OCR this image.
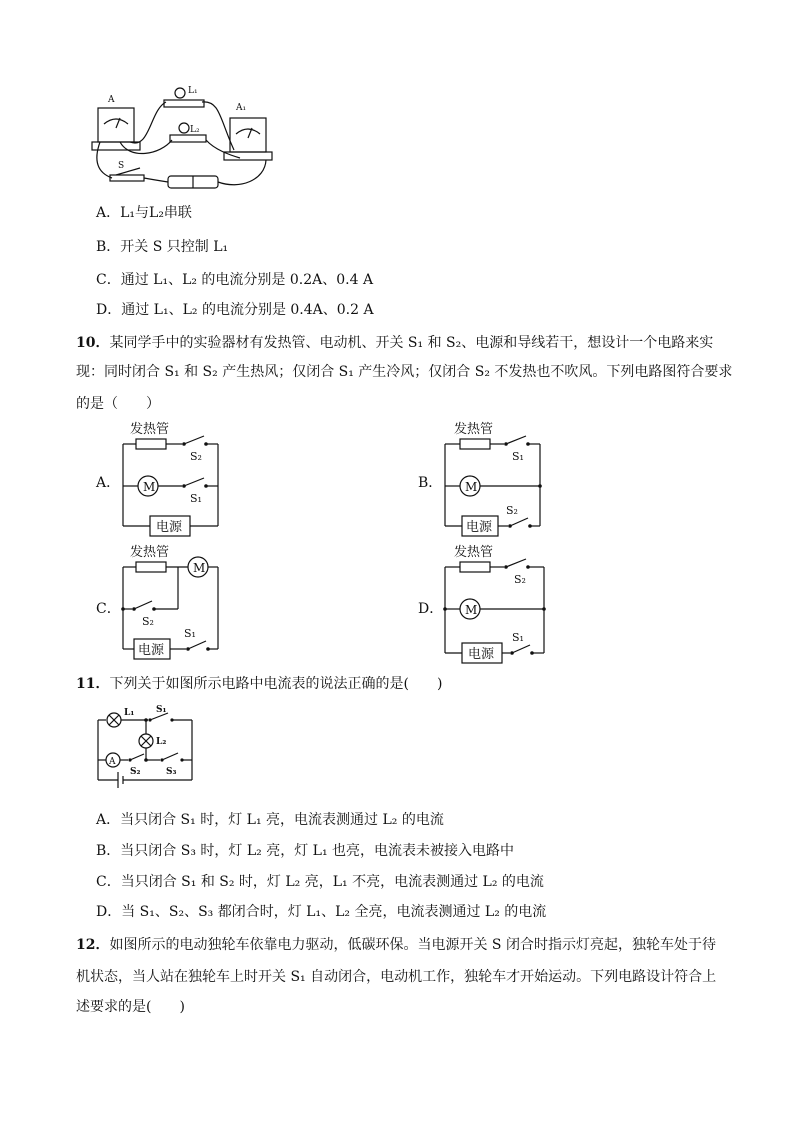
A
A₁
L₁
L₂
S
A．L₁与L₂串联
B．开关 S 只控制 L₁
C．通过 L₁、L₂ 的电流分别是 0.2A、0.4 A
D．通过 L₁、L₂ 的电流分别是 0.4A、0.2 A
10．某同学手中的实验器材有发热管、电动机、开关 S₁ 和 S₂、电源和导线若干，想设计一个电路来实
现：同时闭合 S₁ 和 S₂ 产生热风；仅闭合 S₁ 产生冷风；仅闭合 S₂ 不发热也不吹风。下列电路图符合要求
的是（　　）
A．
发热管
S₂
M
S₁
电源
B．
发热管
S₁
M
电源
S₂
C．
发热管
M
S₂
电源
S₁
D．
发热管
S₂
M
电源
S₁
11．下列关于如图所示电路中电流表的说法正确的是(　　)
L₁ S₁
L₂
A
S₂	S₃
A．当只闭合 S₁ 时，灯 L₁ 亮，电流表测通过 L₂ 的电流
B．当只闭合 S₃ 时，灯 L₂ 亮，灯 L₁ 也亮，电流表未被接入电路中
C．当只闭合 S₁ 和 S₂ 时，灯 L₂ 亮，L₁ 不亮，电流表测通过 L₂ 的电流
D．当 S₁、S₂、S₃ 都闭合时，灯 L₁、L₂ 全亮，电流表测通过 L₂ 的电流
12．如图所示的电动独轮车依靠电力驱动，低碳环保。当电源开关 S 闭合时指示灯亮起，独轮车处于待
机状态，当人站在独轮车上时开关 S₁ 自动闭合，电动机工作，独轮车才开始运动。下列电路设计符合上
述要求的是(　　)
